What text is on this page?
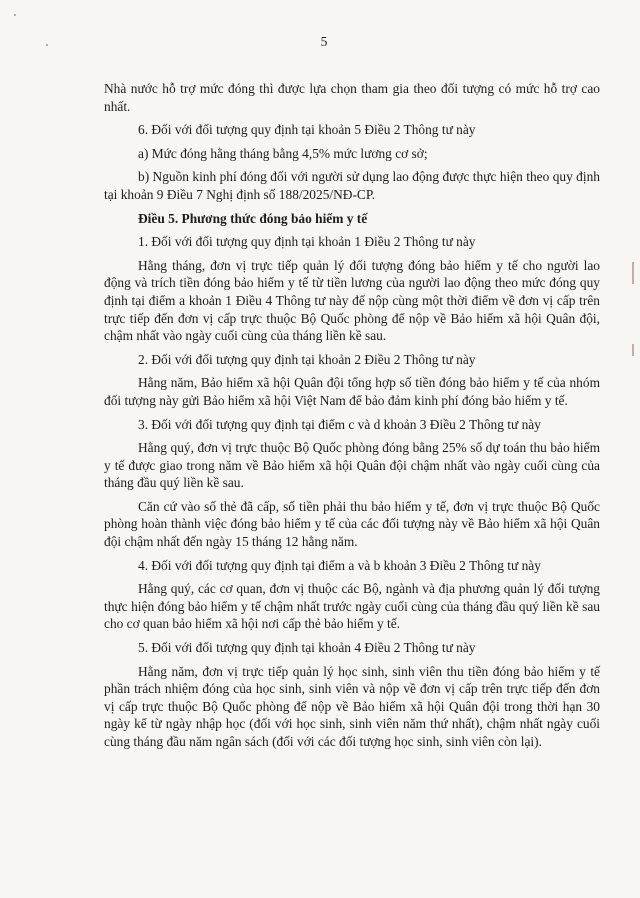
5

Nhà nước hỗ trợ mức đóng thì được lựa chọn tham gia theo đối tượng có mức hỗ trợ cao nhất.

6. Đối với đối tượng quy định tại khoản 5 Điều 2 Thông tư này

a) Mức đóng hằng tháng bằng 4,5% mức lương cơ sở;

b) Nguồn kinh phí đóng đối với người sử dụng lao động được thực hiện theo quy định tại khoản 9 Điều 7 Nghị định số 188/2025/NĐ-CP.

Điều 5. Phương thức đóng bảo hiểm y tế

1. Đối với đối tượng quy định tại khoản 1 Điều 2 Thông tư này

Hằng tháng, đơn vị trực tiếp quản lý đối tượng đóng bảo hiểm y tế cho người lao động và trích tiền đóng bảo hiểm y tế từ tiền lương của người lao động theo mức đóng quy định tại điểm a khoản 1 Điều 4 Thông tư này để nộp cùng một thời điểm về đơn vị cấp trên trực tiếp đến đơn vị cấp trực thuộc Bộ Quốc phòng để nộp về Bảo hiểm xã hội Quân đội, chậm nhất vào ngày cuối cùng của tháng liền kề sau.

2. Đối với đối tượng quy định tại khoản 2 Điều 2 Thông tư này

Hằng năm, Bảo hiểm xã hội Quân đội tổng hợp số tiền đóng bảo hiểm y tế của nhóm đối tượng này gửi Bảo hiểm xã hội Việt Nam để bảo đảm kinh phí đóng bảo hiểm y tế.

3. Đối với đối tượng quy định tại điểm c và d khoản 3 Điều 2 Thông tư này

Hằng quý, đơn vị trực thuộc Bộ Quốc phòng đóng bằng 25% số dự toán thu bảo hiểm y tế được giao trong năm về Bảo hiểm xã hội Quân đội chậm nhất vào ngày cuối cùng của tháng đầu quý liền kề sau.

Căn cứ vào số thẻ đã cấp, số tiền phải thu bảo hiểm y tế, đơn vị trực thuộc Bộ Quốc phòng hoàn thành việc đóng bảo hiểm y tế của các đối tượng này về Bảo hiểm xã hội Quân đội chậm nhất đến ngày 15 tháng 12 hằng năm.

4. Đối với đối tượng quy định tại điểm a và b khoản 3 Điều 2 Thông tư này

Hằng quý, các cơ quan, đơn vị thuộc các Bộ, ngành và địa phương quản lý đối tượng thực hiện đóng bảo hiểm y tế chậm nhất trước ngày cuối cùng của tháng đầu quý liền kề sau cho cơ quan bảo hiểm xã hội nơi cấp thẻ bảo hiểm y tế.

5. Đối với đối tượng quy định tại khoản 4 Điều 2 Thông tư này

Hằng năm, đơn vị trực tiếp quản lý học sinh, sinh viên thu tiền đóng bảo hiểm y tế phần trách nhiệm đóng của học sinh, sinh viên và nộp về đơn vị cấp trên trực tiếp đến đơn vị cấp trực thuộc Bộ Quốc phòng để nộp về Bảo hiểm xã hội Quân đội trong thời hạn 30 ngày kể từ ngày nhập học (đối với học sinh, sinh viên năm thứ nhất), chậm nhất ngày cuối cùng tháng đầu năm ngân sách (đối với các đối tượng học sinh, sinh viên còn lại).
